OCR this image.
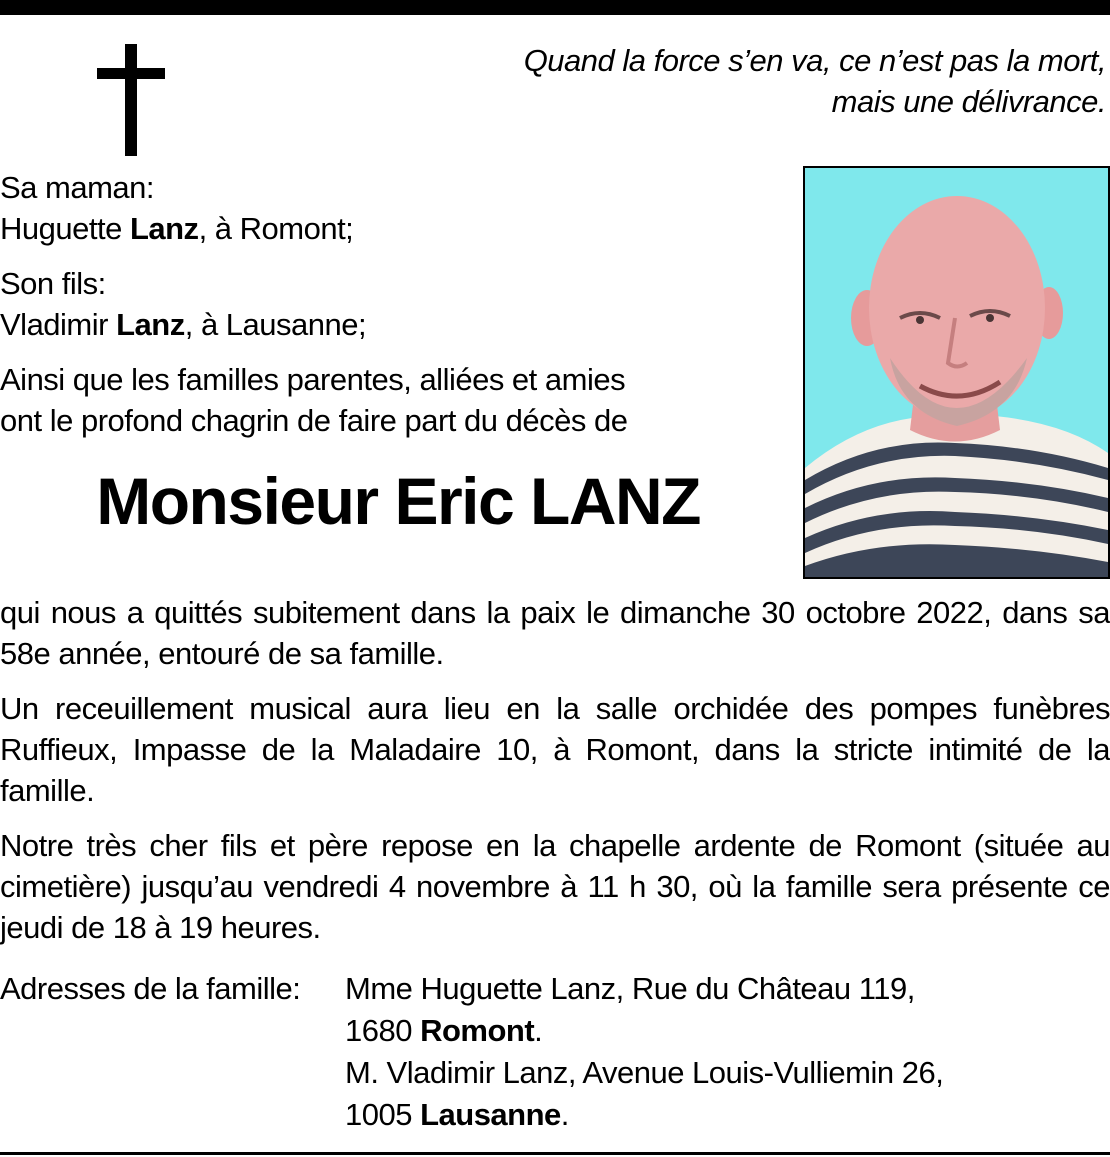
Quand la force s’en va, ce n’est pas la mort,
mais une délivrance.

Sa maman:
Huguette Lanz, à Romont;

Son fils:
Vladimir Lanz, à Lausanne;

Ainsi que les familles parentes, alliées et amies
ont le profond chagrin de faire part du décès de

Monsieur Eric LANZ

qui nous a quittés subitement dans la paix le dimanche 30 octobre 2022, dans sa 58e année, entouré de sa famille.

Un receuillement musical aura lieu en la salle orchidée des pompes funèbres Ruffieux, Impasse de la Maladaire 10, à Romont, dans la stricte intimité de la famille.

Notre très cher fils et père repose en la chapelle ardente de Romont (située au cimetière) jusqu’au vendredi 4 novembre à 11 h 30, où la famille sera présente ce jeudi de 18 à 19 heures.

Adresses de la famille: Mme Huguette Lanz, Rue du Château 119,
1680 Romont.
M. Vladimir Lanz, Avenue Louis-Vulliemin 26,
1005 Lausanne.
